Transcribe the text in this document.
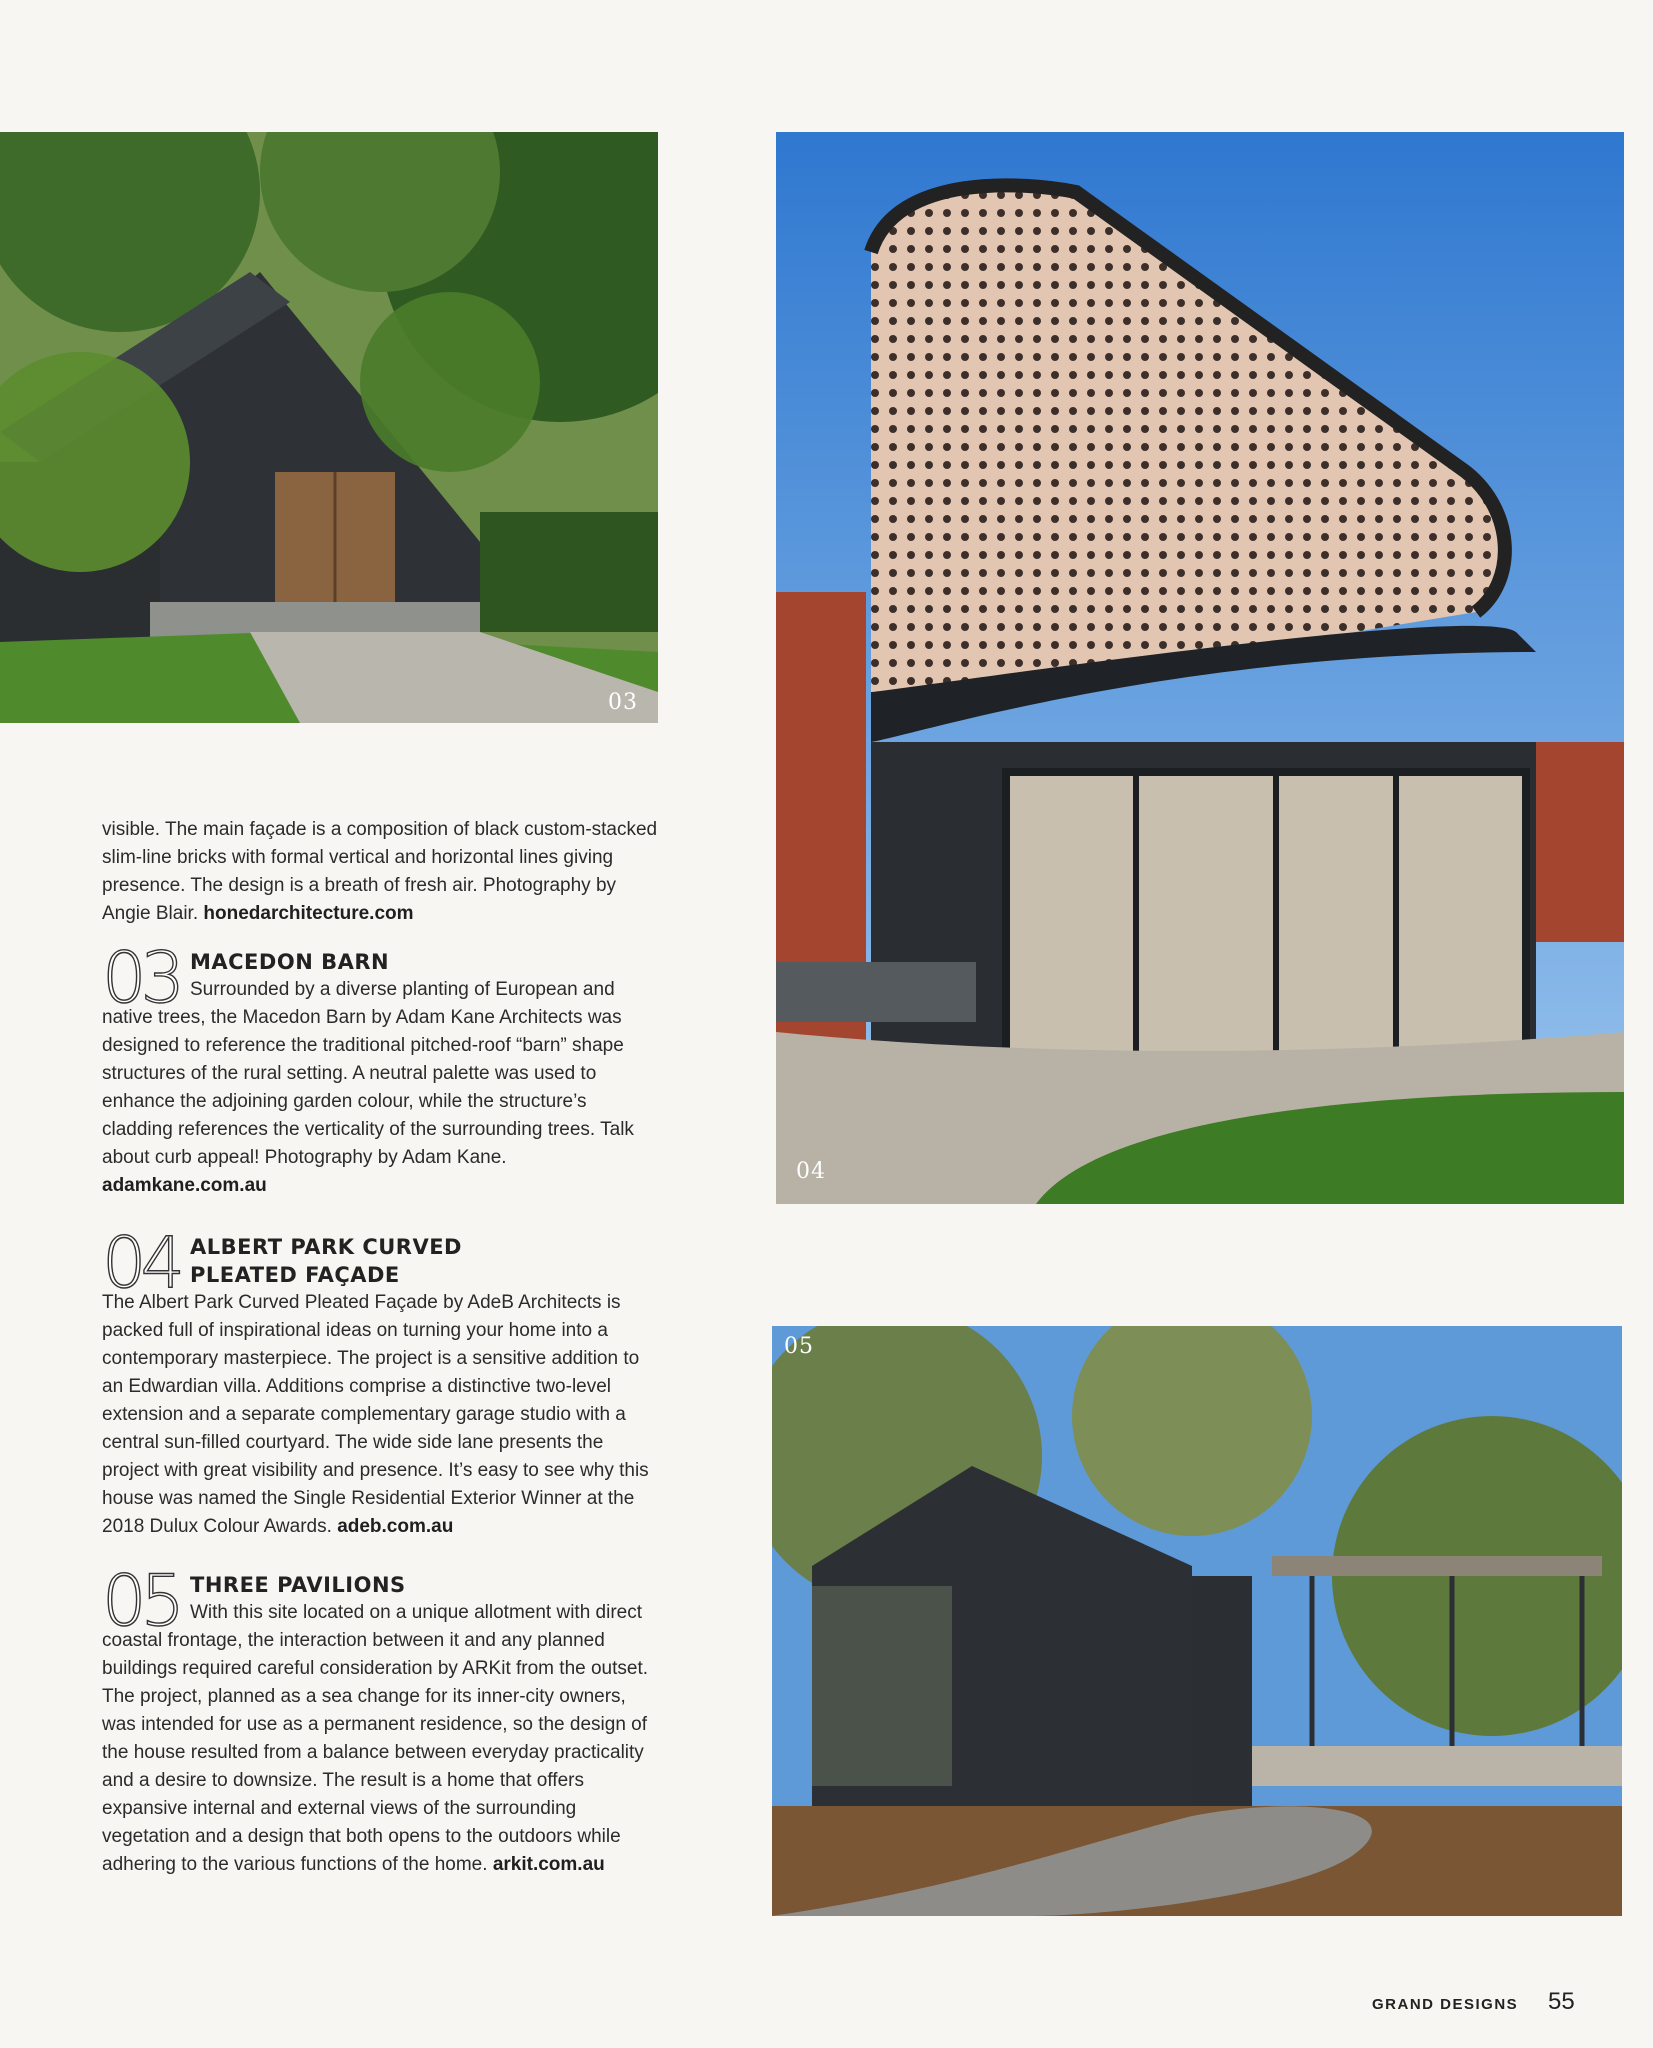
03
04
05

visible. The main façade is a composition of black custom-stacked slim-line bricks with formal vertical and horizontal lines giving presence. The design is a breath of fresh air. Photography by Angie Blair. honedarchitecture.com

03 MACEDON BARN

Surrounded by a diverse planting of European and native trees, the Macedon Barn by Adam Kane Architects was designed to reference the traditional pitched-roof “barn” shape structures of the rural setting. A neutral palette was used to enhance the adjoining garden colour, while the structure’s cladding references the verticality of the surrounding trees. Talk about curb appeal! Photography by Adam Kane. adamkane.com.au

04 ALBERT PARK CURVED
PLEATED FAÇADE

The Albert Park Curved Pleated Façade by AdeB Architects is packed full of inspirational ideas on turning your home into a contemporary masterpiece. The project is a sensitive addition to an Edwardian villa. Additions comprise a distinctive two-level extension and a separate complementary garage studio with a central sun-filled courtyard. The wide side lane presents the project with great visibility and presence. It’s easy to see why this house was named the Single Residential Exterior Winner at the 2018 Dulux Colour Awards. adeb.com.au

05 THREE PAVILIONS

With this site located on a unique allotment with direct coastal frontage, the interaction between it and any planned buildings required careful consideration by ARKit from the outset. The project, planned as a sea change for its inner-city owners, was intended for use as a permanent residence, so the design of the house resulted from a balance between everyday practicality and a desire to downsize. The result is a home that offers expansive internal and external views of the surrounding vegetation and a design that both opens to the outdoors while adhering to the various functions of the home. arkit.com.au

GRAND DESIGNS 55
